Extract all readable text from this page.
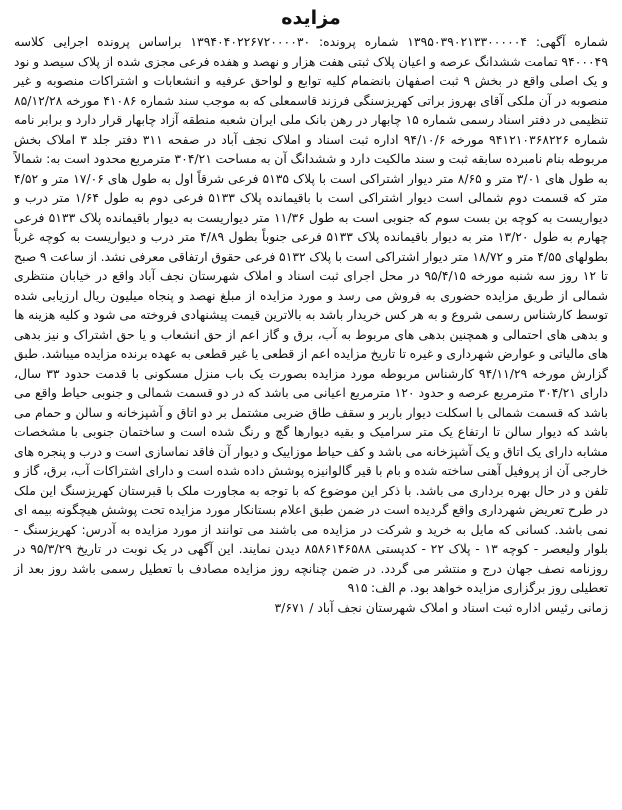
مزایده

شماره آگهی: ۱۳۹۵۰۳۹۰۲۱۳۳۰۰۰۰۰۴ شماره پرونده: ۱۳۹۴۰۴۰۲۲۶۷۲۰۰۰۰۳۰ براساس پرونده اجرایی کلاسه ۹۴۰۰۰۴۹ تمامت ششدانگ عرصه و اعیان پلاک ثبتی هفت هزار و نهصد و هفده فرعی مجزی شده از پلاک سیصد و نود و یک اصلی واقع در بخش ۹ ثبت اصفهان بانضمام کلیه توابع و لواحق عرفیه و انشعابات و اشتراکات منصوبه و غیر منصوبه در آن ملکی آقای بهروز براتی کهریزسنگی فرزند قاسمعلی که به موجب سند شماره ۴۱۰۸۶ مورخه ۸۵/۱۲/۲۸ تنظیمی در دفتر اسناد رسمی شماره ۱۵ چابهار در رهن بانک ملی ایران شعبه منطقه آزاد چابهار قرار دارد و برابر نامه شماره ۹۴۱۲۱۰۳۶۸۲۲۶ مورخه ۹۴/۱۰/۶ اداره ثبت اسناد و املاک نجف آباد در صفحه ۳۱۱ دفتر جلد ۳ املاک بخش مربوطه بنام نامبرده سابقه ثبت و سند مالکیت دارد و ششدانگ آن به مساحت ۳۰۴/۲۱ مترمربع محدود است به: شمالاً به طول های ۳/۰۱ متر و ۸/۶۵ متر دیوار اشتراکی است با پلاک ۵۱۳۵ فرعی شرقاً اول به طول های ۱۷/۰۶ متر و ۴/۵۲ متر که قسمت دوم شمالی است دیوار اشتراکی است با باقیمانده پلاک ۵۱۳۳ فرعی دوم به طول ۱/۶۴ متر درب و دیواریست به کوچه بن بست سوم که جنوبی است به طول ۱۱/۳۶ متر دیواریست به دیوار باقیمانده پلاک ۵۱۳۳ فرعی چهارم به طول ۱۳/۲۰ متر به دیوار باقیمانده پلاک ۵۱۳۳ فرعی جنوباً بطول ۴/۸۹ متر درب و دیواریست به کوچه غرباً بطولهای ۴/۵۵ متر و ۱۸/۷۲ متر دیوار اشتراکی است با پلاک ۵۱۳۲ فرعی حقوق ارتفاقی معرفی نشد. از ساعت ۹ صبح تا ۱۲ روز سه شنبه مورخه ۹۵/۴/۱۵ در محل اجرای ثبت اسناد و املاک شهرستان نجف آباد واقع در خیابان منتظری شمالی از طریق مزایده حضوری به فروش می رسد و مورد مزایده از مبلغ نهصد و پنجاه میلیون ریال ارزیابی شده توسط کارشناس رسمی شروع و به هر کس خریدار باشد به بالاترین قیمت پیشنهادی فروخته می شود و کلیه هزینه ها و بدهی های احتمالی و همچنین بدهی های مربوط به آب، برق و گاز اعم از حق انشعاب و یا حق اشتراک و نیز بدهی های مالیاتی و عوارض شهرداری و غیره تا تاریخ مزایده اعم از قطعی یا غیر قطعی به عهده برنده مزایده میباشد. طبق گزارش مورخه ۹۴/۱۱/۲۹ کارشناس مربوطه مورد مزایده بصورت یک باب منزل مسکونی با قدمت حدود ۳۳ سال، دارای ۳۰۴/۲۱ مترمربع عرصه و حدود ۱۲۰ مترمربع اعیانی می باشد که در دو قسمت شمالی و جنوبی حیاط واقع می باشد که قسمت شمالی با اسکلت دیوار باربر و سقف طاق ضربی مشتمل بر دو اتاق و آشپزخانه و سالن و حمام می باشد که دیوار سالن تا ارتفاع یک متر سرامیک و بقیه دیوارها گچ و رنگ شده است و ساختمان جنوبی با مشخصات مشابه دارای یک اتاق و یک آشپزخانه می باشد و کف حیاط موزاییک و دیوار آن فاقد نماسازی است و درب و پنجره های خارجی آن از پروفیل آهنی ساخته شده و بام با قیر گالوانیزه پوشش داده شده است و دارای اشتراکات آب، برق، گاز و تلفن و در حال بهره برداری می باشد. با ذکر این موضوع که با توجه به مجاورت ملک با قبرستان کهریزسنگ این ملک در طرح تعریض شهرداری واقع گردیده است در ضمن طبق اعلام بستانکار مورد مزایده تحت پوشش هیچگونه بیمه ای نمی باشد. کسانی که مایل به خرید و شرکت در مزایده می باشند می توانند از مورد مزایده به آدرس: کهریزسنگ - بلوار ولیعصر - کوچه ۱۳ - پلاک ۲۲ - کدپستی ۸۵۸۶۱۴۶۵۸۸ دیدن نمایند. این آگهی در یک نوبت در تاریخ ۹۵/۳/۲۹ در روزنامه نصف جهان درج و منتشر می گردد. در ضمن چنانچه روز مزایده مصادف با تعطیل رسمی باشد روز بعد از تعطیلی روز برگزاری مزایده خواهد بود. م الف: ۹۱۵

زمانی رئیس اداره ثبت اسناد و املاک شهرستان نجف آباد / ۳/۶۷۱
